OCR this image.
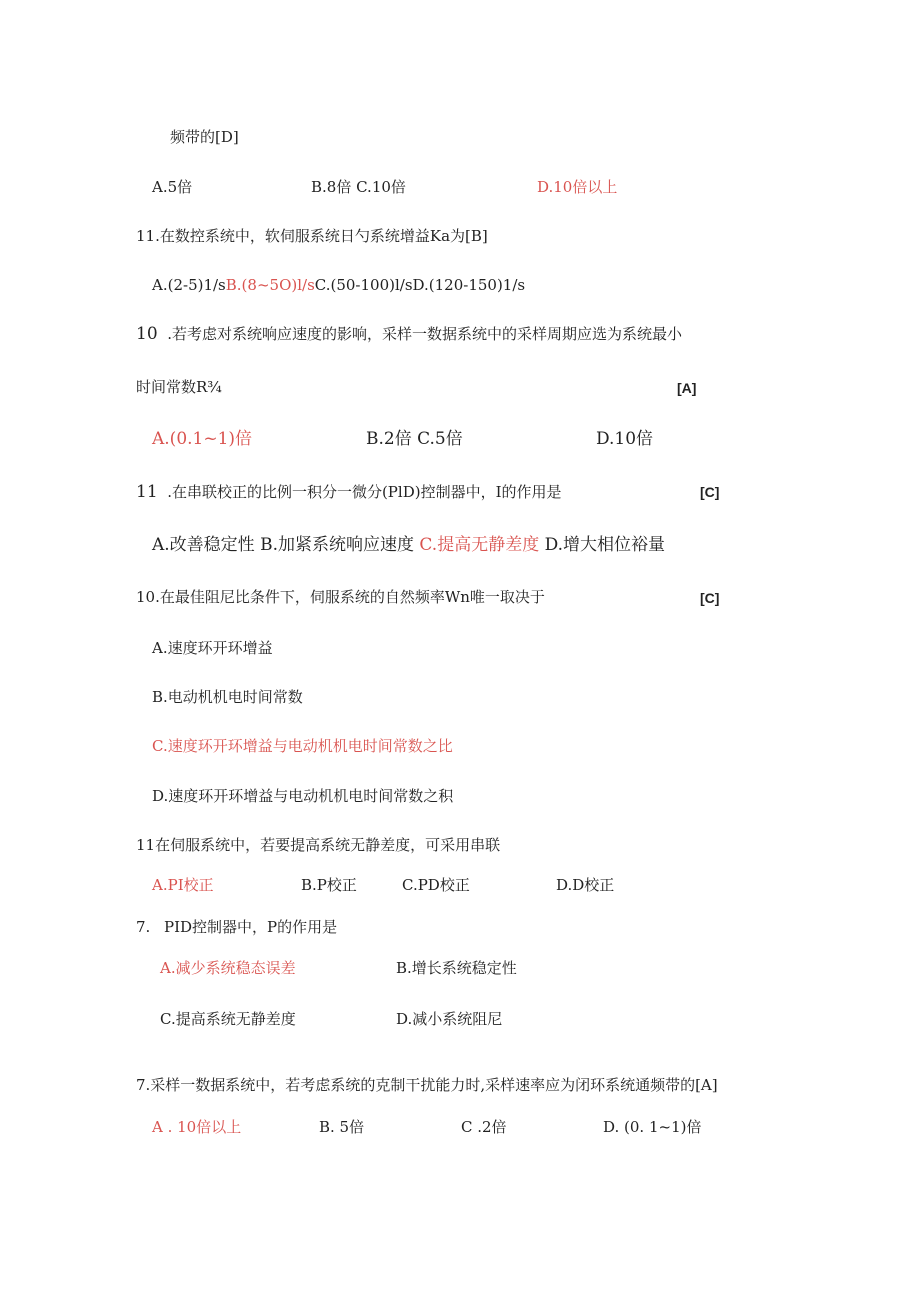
频带的[D]
A.5倍	B.8倍 C.10倍	D.10倍以上
11.在数控系统中，软伺服系统日勺系统增益Ka为[B]
A.(2-5)1/sB.(8~5O)l/sC.(50-100)l/sD.(120-150)1/s
10 .若考虑对系统响应速度的影响，采样一数据系统中的采样周期应选为系统最小
时间常数R¾	[A]
A.(0.1~1)倍	B.2倍 C.5倍	D.10倍
11 .在串联校正的比例一积分一微分(PlD)控制器中，I的作用是	[C]
A.改善稳定性 B.加紧系统响应速度 C.提高无静差度 D.增大相位裕量
10.在最佳阻尼比条件下，伺服系统的自然频率Wn唯一取决于	[C]
A.速度环开环增益
B.电动机机电时间常数
C.速度环开环增益与电动机机电时间常数之比
D.速度环开环增益与电动机机电时间常数之积
11在伺服系统中，若要提高系统无静差度，可采用串联
A.PI校正	B.P校正	C.PD校正	D.D校正
7. PID控制器中，P的作用是
A.减少系统稳态误差	B.增长系统稳定性
C.提高系统无静差度	D.减小系统阻尼
7.采样一数据系统中，若考虑系统的克制干扰能力时,采样速率应为闭环系统通频带的[A]
A . 10倍以上	B. 5倍	C .2倍	D. (0. 1~1)倍
